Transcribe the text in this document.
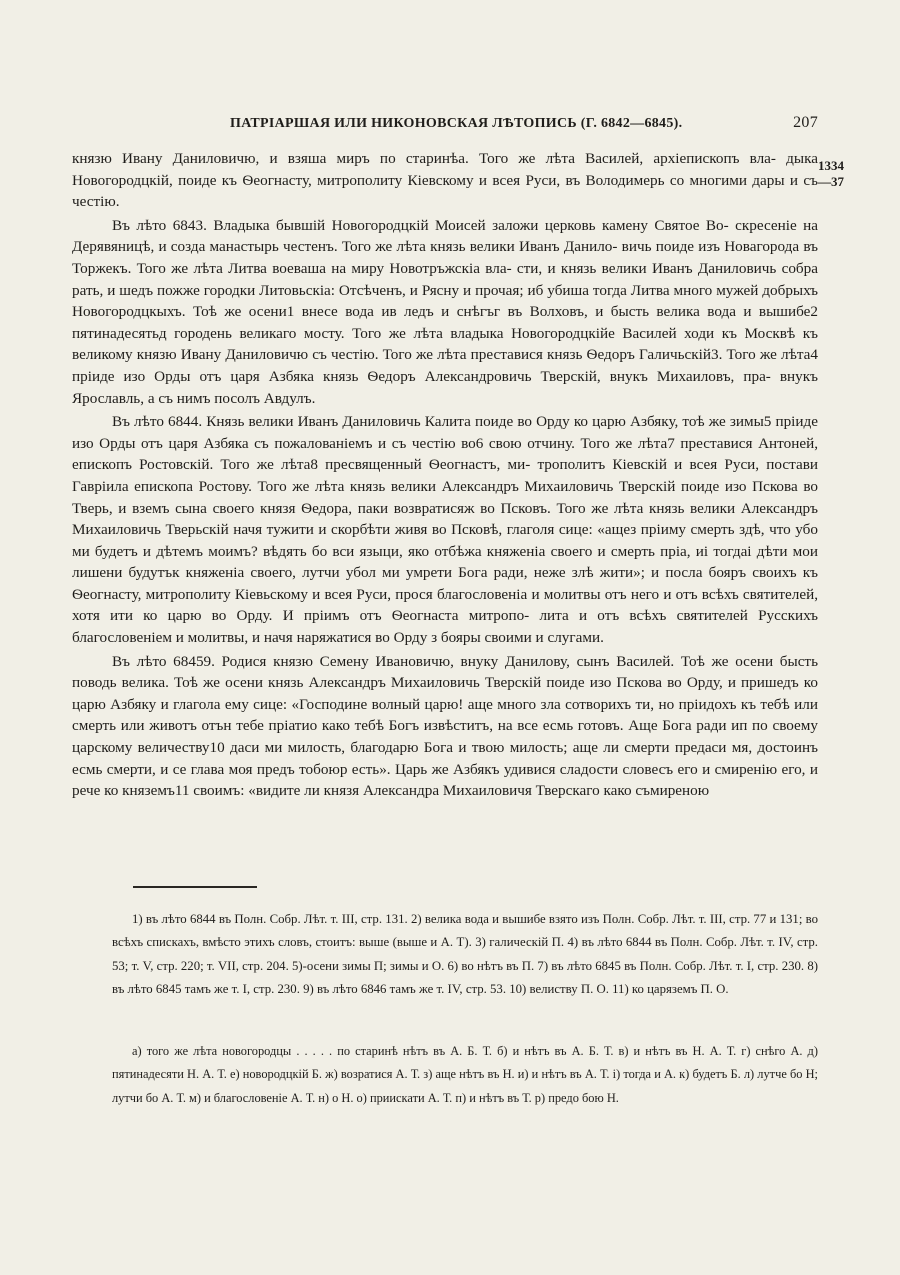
ПАТРІАРШАЯ ИЛИ НИКОНОВСКАЯ ЛѢТОПИСЬ (Г. 6842—6845).	207
1334
—37

князю Ивану Даниловичю, и взяша миръ по старинѣа. Того же лѣта Василей, архіепископъ вла- дыка Новогородцкій, поиде къ Ѳеогнасту, митрополиту Кіевскому и всея Руси, въ Володимерь со многими дары и съ честію.

Въ лѣто 6843. Владыка бывшій Новогородцкій Моисей заложи церковь камену Святое Во- скресеніе на Дерявяницѣ, и созда манастырь честенъ. Того же лѣта князь велики Иванъ Данило- вичь поиде изъ Новагорода въ Торжекъ. Того же лѣта Литва воеваша на миру Новотръжскіа вла- сти, и князь велики Иванъ Даниловичь собра рать, и шедъ пожже городки Литовьскіа: Отсѣченъ, и Рясну и прочая; иб убиша тогда Литва много мужей добрыхъ Новогородцкыхъ. Тоѣ же осени1 внесе вода ив ледъ и снѣгъг въ Волховъ, и бысть велика вода и вышибе2 пятинадесятьд городень великаго мосту. Того же лѣта владыка Новогородцкійе Василей ходи къ Москвѣ къ великому князю Ивану Даниловичю съ честію. Того же лѣта преставися князь Ѳедоръ Галичьскій3. Того же лѣта4 пріиде изо Орды отъ царя Азбяка князь Ѳедоръ Александровичь Тверскій, внукъ Михаиловъ, пра- внукъ Ярославль, а съ нимъ посолъ Авдулъ.

Въ лѣто 6844. Князь велики Иванъ Даниловичь Калита поиде во Орду ко царю Азбяку, тоѣ же зимы5 пріиде изо Орды отъ царя Азбяка съ пожалованіемъ и съ честію во6 свою отчину. Того же лѣта7 преставися Антоней, епископъ Ростовскій. Того же лѣта8 пресвященный Ѳеогнастъ, ми- трополитъ Кіевскій и всея Руси, постави Гавріила епископа Ростову. Того же лѣта князь велики Александръ Михаиловичь Тверскій поиде изо Пскова во Тверь, и вземъ сына своего князя Ѳедора, паки возвратисяж во Псковъ. Того же лѣта князь велики Александръ Михаиловичь Тверьскій начя тужити и скорбѣти живя во Псковѣ, глаголя сице: «ащез пріиму смерть здѣ, что убо ми будетъ и дѣтемъ моимъ? вѣдять бо вси языци, яко отбѣжа княженіа своего и смерть пріа, иі тогдаі дѣти мои лишени будутък княженіа своего, лутчи убол ми умрети Бога ради, неже злѣ жити»; и посла бояръ своихъ къ Ѳеогнасту, митрополиту Кіевьскому и всея Руси, прося благословеніа и молитвы отъ него и отъ всѣхъ святителей, хотя ити ко царю во Орду. И пріимъ отъ Ѳеогнаста митропо- лита и отъ всѣхъ святителей Русскихъ благословеніем и молитвы, и начя наряжатися во Орду з бояры своими и слугами.

Въ лѣто 68459. Родися князю Семену Ивановичю, внуку Данилову, сынъ Василей. Тоѣ же осени бысть поводь велика. Тоѣ же осени князь Александръ Михаиловичь Тверскій поиде изо Пскова во Орду, и пришедъ ко царю Азбяку и глагола ему сице: «Господине волный царю! аще много зла сотворихъ ти, но пріидохъ къ тебѣ или смерть или животъ отън тебе пріатио како тебѣ Богъ извѣститъ, на все есмь готовъ. Аще Бога ради ип по своему царскому величеству10 даси ми милость, благодарю Бога и твою милость; аще ли смерти предаси мя, достоинъ есмь смерти, и се глава моя предъ тобоюр есть». Царь же Азбякъ удивися сладости словесъ его и смиренію его, и рече ко княземъ11 своимъ: «видите ли князя Александра Михаиловичя Тверскаго како съмиреною

1) въ лѣто 6844 въ Полн. Собр. Лѣт. т. III, стр. 131. 2) велика вода и вышибе взято изъ Полн. Собр. Лѣт. т. III, стр. 77 и 131; во всѣхъ спискахъ, вмѣсто этихъ словъ, стоитъ: выше (выше и А. Т). 3) галическій П. 4) въ лѣто 6844 въ Полн. Собр. Лѣт. т. IV, стр. 53; т. V, стр. 220; т. VII, стр. 204. 5)-осени зимы П; зимы и О. 6) во нѣтъ въ П. 7) въ лѣто 6845 въ Полн. Собр. Лѣт. т. I, стр. 230. 8) въ лѣто 6845 тамъ же т. I, стр. 230. 9) въ лѣто 6846 тамъ же т. IV, стр. 53. 10) велиству П. О. 11) ко царяземъ П. О.

а) того же лѣта новогородцы . . . . . по старинѣ нѣтъ въ А. Б. Т. б) и нѣтъ въ А. Б. Т. в) и нѣтъ въ Н. А. Т. г) снѣго А. д) пятинадесяти Н. А. Т. е) новородцкій Б. ж) возратися А. Т. з) аще нѣтъ въ Н. и) и нѣтъ въ А. Т. і) тогда и А. к) будетъ Б. л) лутче бо Н; лутчи бо А. Т. м) и благословеніе А. Т. н) о Н. о) приискати А. Т. п) и нѣтъ въ Т. р) предо бою Н.
